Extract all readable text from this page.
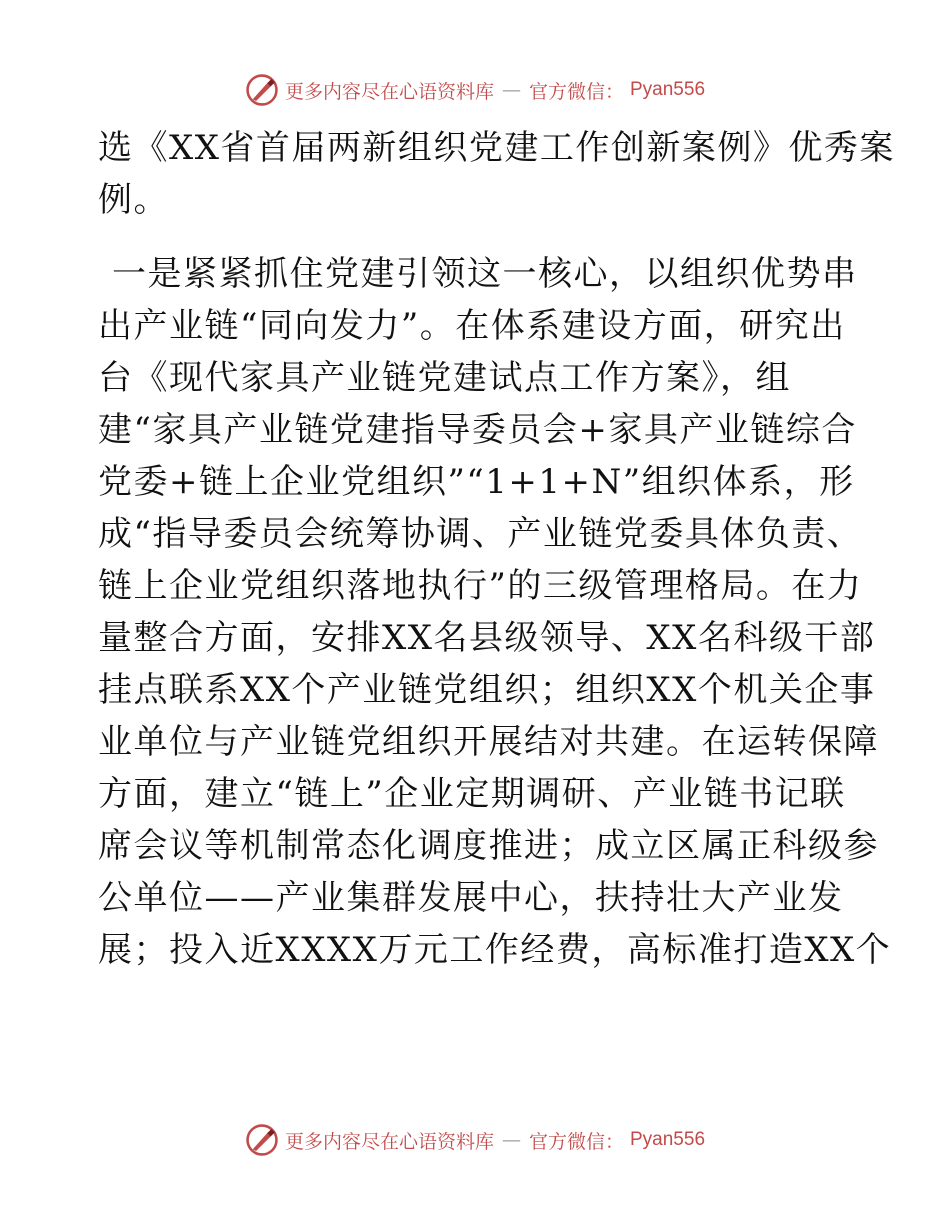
更多内容尽在心语资料库 — 官方微信： Pyan556
选《XX省首届两新组织党建工作创新案例》优秀案
例。
一是紧紧抓住党建引领这一核心，以组织优势串
出产业链“同向发力”。在体系建设方面，研究出
台《现代家具产业链党建试点工作方案》，组
建“家具产业链党建指导委员会+家具产业链综合
党委+链上企业党组织”“1+1+N”组织体系，形
成“指导委员会统筹协调、产业链党委具体负责、
链上企业党组织落地执行”的三级管理格局。在力
量整合方面，安排XX名县级领导、XX名科级干部
挂点联系XX个产业链党组织；组织XX个机关企事
业单位与产业链党组织开展结对共建。在运转保障
方面，建立“链上”企业定期调研、产业链书记联
席会议等机制常态化调度推进；成立区属正科级参
公单位——产业集群发展中心，扶持壮大产业发
展；投入近XXXX万元工作经费，高标准打造XX个
更多内容尽在心语资料库 — 官方微信： Pyan556
